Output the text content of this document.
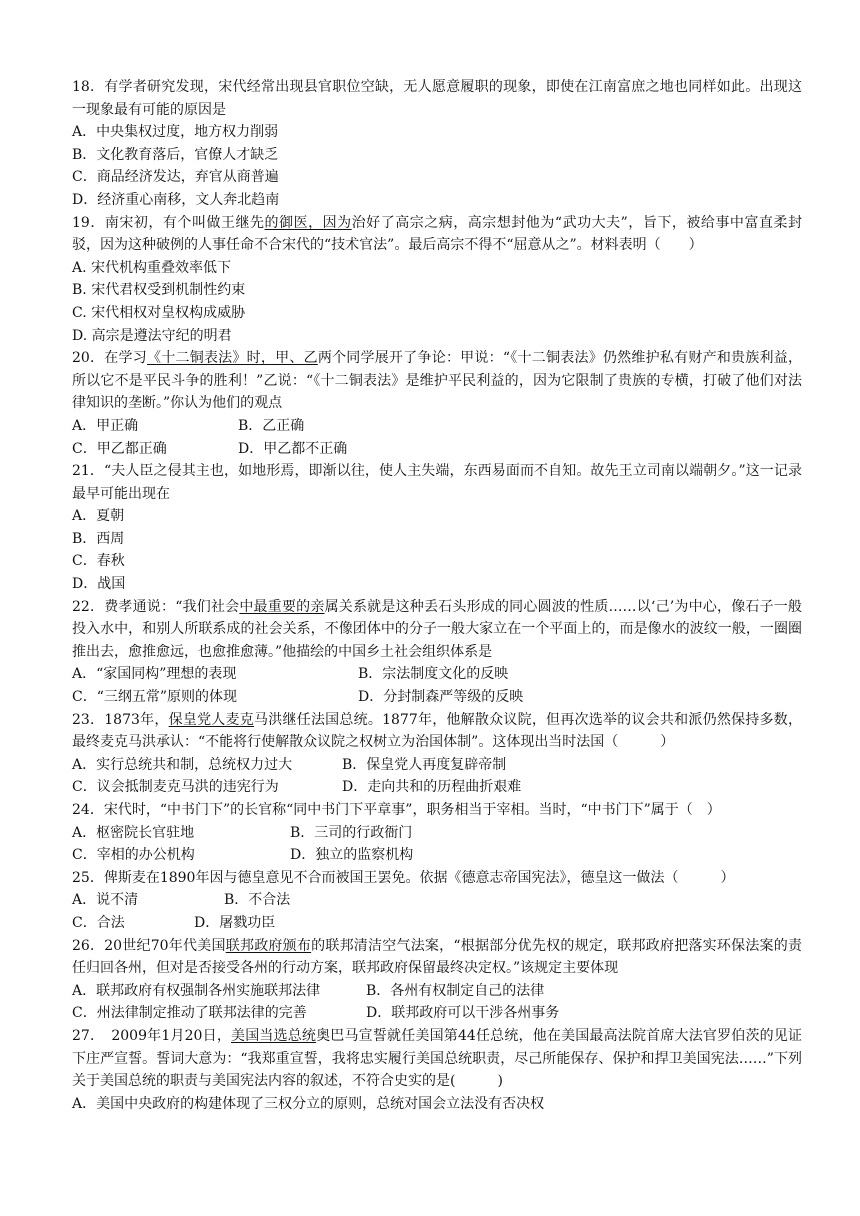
18．有学者研究发现，宋代经常出现县官职位空缺，无人愿意履职的现象，即使在江南富庶之地也同样如此。出现这一现象最有可能的原因是
A．中央集权过度，地方权力削弱
B．文化教育落后，官僚人才缺乏
C．商品经济发达，弃官从商普遍
D．经济重心南移，文人奔北趋南
19．南宋初，有个叫做王继先的御医，因为治好了高宗之病，高宗想封他为“武功大夫”，旨下，被给事中富直柔封驳，因为这种破例的人事任命不合宋代的“技术官法”。最后高宗不得不“屈意从之”。材料表明（　　）
A. 宋代机构重叠效率低下
B. 宋代君权受到机制性约束
C. 宋代相权对皇权构成威胁
D. 高宗是遵法守纪的明君
20．在学习《十二铜表法》时，甲、乙两个同学展开了争论：甲说：“《十二铜表法》仍然维护私有财产和贵族利益，所以它不是平民斗争的胜利！”乙说：“《十二铜表法》是维护平民利益的，因为它限制了贵族的专横，打破了他们对法律知识的垄断。”你认为他们的观点
A．甲正确	B．乙正确
C．甲乙都正确	D．甲乙都不正确
21．“夫人臣之侵其主也，如地形焉，即渐以往，使人主失端，东西易面而不自知。故先王立司南以端朝夕。”这一记录最早可能出现在
A．夏朝
B．西周
C．春秋
D．战国
22．费孝通说：“我们社会中最重要的亲属关系就是这种丢石头形成的同心圆波的性质……以‘己’为中心，像石子一般投入水中，和别人所联系成的社会关系，不像团体中的分子一般大家立在一个平面上的，而是像水的波纹一般，一圈圈推出去，愈推愈远，也愈推愈薄。”他描绘的中国乡土社会组织体系是
A．“家国同构”理想的表现	B．宗法制度文化的反映
C．“三纲五常”原则的体现	D．分封制森严等级的反映
23．1873年，保皇党人麦克马洪继任法国总统。1877年，他解散众议院，但再次选举的议会共和派仍然保持多数，最终麦克马洪承认：“不能将行使解散众议院之权树立为治国体制”。这体现出当时法国（　　　）
A．实行总统共和制，总统权力过大	B．保皇党人再度复辟帝制
C．议会抵制麦克马洪的违宪行为	D．走向共和的历程曲折艰难
24．宋代时，“中书门下”的长官称“同中书门下平章事”，职务相当于宰相。当时，“中书门下”属于（　）
A．枢密院长官驻地	B．三司的行政衙门
C．宰相的办公机构	D．独立的监察机构
25．俾斯麦在1890年因与德皇意见不合而被国王罢免。依据《德意志帝国宪法》，德皇这一做法（　　　）
A．说不清	B．不合法
C．合法	D．屠戮功臣
26．20世纪70年代美国联邦政府颁布的联邦清洁空气法案，“根据部分优先权的规定，联邦政府把落实环保法案的责任归回各州，但对是否接受各州的行动方案，联邦政府保留最终决定权。”该规定主要体现
A．联邦政府有权强制各州实施联邦法律	B．各州有权制定自己的法律
C．州法律制定推动了联邦法律的完善	D．联邦政府可以干涉各州事务
27．　2009年1月20日，美国当选总统奥巴马宣誓就任美国第44任总统，他在美国最高法院首席大法官罗伯茨的见证下庄严宣誓。誓词大意为：“我郑重宣誓，我将忠实履行美国总统职责，尽己所能保存、保护和捍卫美国宪法……”下列关于美国总统的职责与美国宪法内容的叙述，不符合史实的是(　　　)
A．美国中央政府的构建体现了三权分立的原则，总统对国会立法没有否决权
